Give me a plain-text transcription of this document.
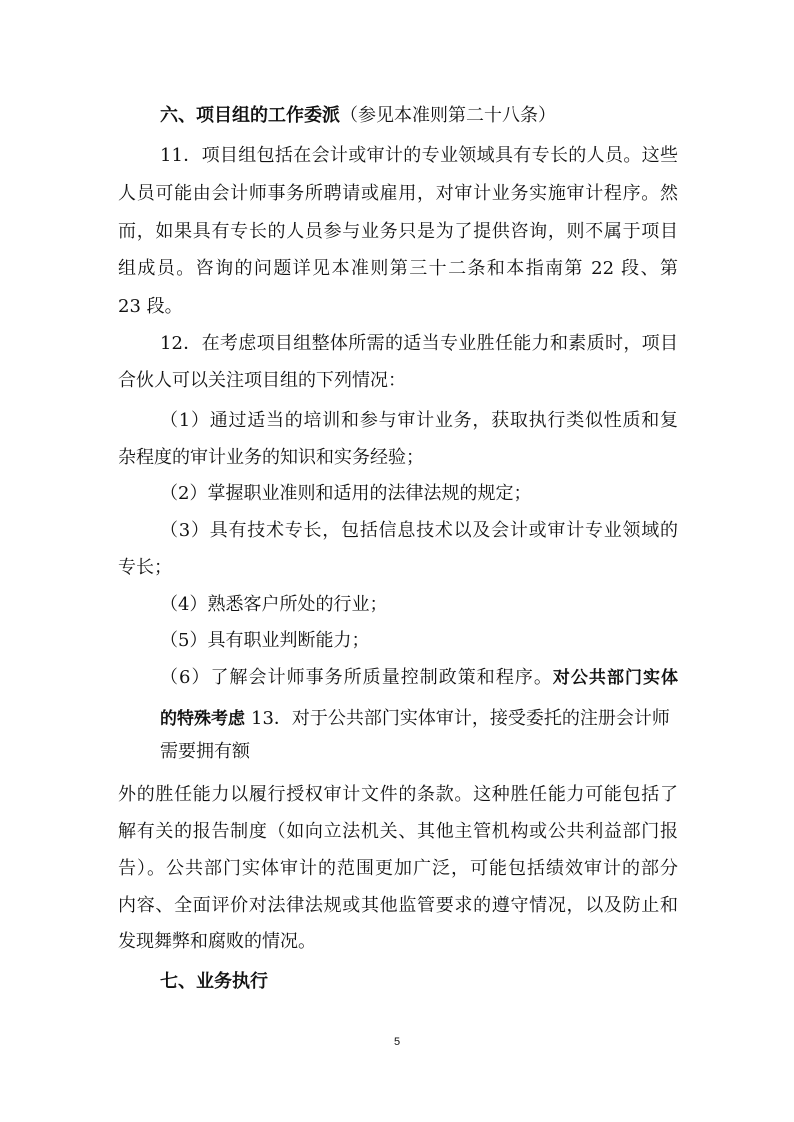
六、项目组的工作委派（参见本准则第二十八条）

11．项目组包括在会计或审计的专业领域具有专长的人员。这些

人员可能由会计师事务所聘请或雇用，对审计业务实施审计程序。然

而，如果具有专长的人员参与业务只是为了提供咨询，则不属于项目

组成员。咨询的问题详见本准则第三十二条和本指南第 22 段、第

23 段。

12．在考虑项目组整体所需的适当专业胜任能力和素质时，项目

合伙人可以关注项目组的下列情况：

（1）通过适当的培训和参与审计业务，获取执行类似性质和复

杂程度的审计业务的知识和实务经验；

（2）掌握职业准则和适用的法律法规的规定；

（3）具有技术专长，包括信息技术以及会计或审计专业领域的

专长；

（4）熟悉客户所处的行业；

（5）具有职业判断能力；

（6）了解会计师事务所质量控制政策和程序。对公共部门实体

的特殊考虑 13．对于公共部门实体审计，接受委托的注册会计师

需要拥有额

外的胜任能力以履行授权审计文件的条款。这种胜任能力可能包括了

解有关的报告制度（如向立法机关、其他主管机构或公共利益部门报

告）。公共部门实体审计的范围更加广泛，可能包括绩效审计的部分

内容、全面评价对法律法规或其他监管要求的遵守情况，以及防止和

发现舞弊和腐败的情况。

七、业务执行

5
